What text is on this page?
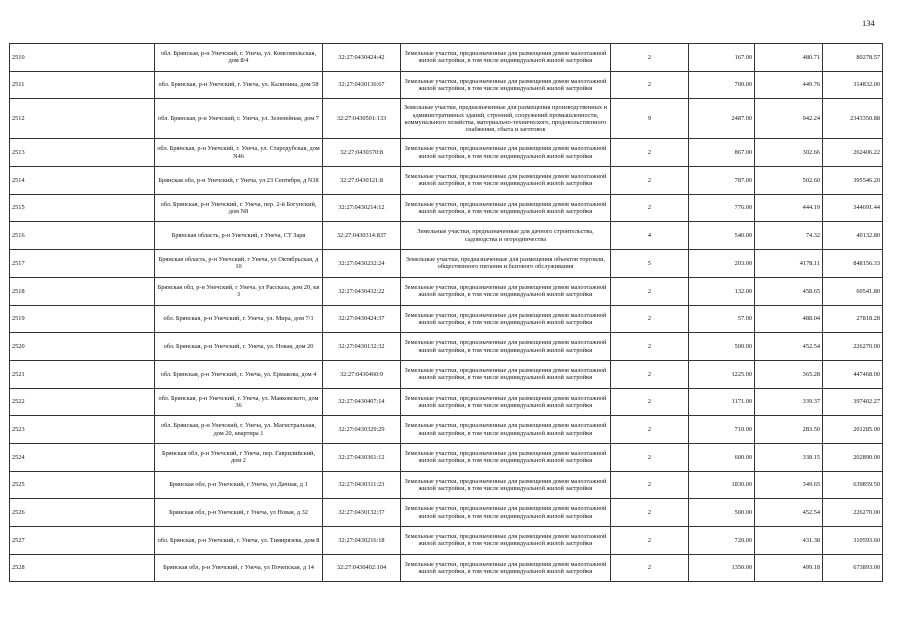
134
2510	обл. Брянская, р-н Унечский, г. Унеча, ул. Комсомольская, дом 8/4	32:27:0430424:42	Земельные участки, предназначенные для размещения домов малоэтажной жилой застройки, в том числе индивидуальной жилой застройки	2	167.00	480.71	80278.57
2511	обл. Брянская, р-н Унечский, г. Унеча, ул. Калинина, дом 58	32:27:0430136:67	Земельные участки, предназначенные для размещения домов малоэтажной жилой застройки, в том числе индивидуальной жилой застройки	2	700.00	449.76	314832.00
2512	обл. Брянская, р-н Унечский, г. Унеча, ул. Зеленейная, дом 7	32:27:0430501:133	Земельные участки, предназначенные для размещения производственных и административных зданий, строений, сооружений промышленности, коммунального хозяйства, материально-технического, продовольственного снабжения, сбыта и заготовок	9	2487.00	942.24	2343350.88
2513	обл. Брянская, р-н Унечский, г. Унеча, ул. Стародубская, дом N46	32:27:0430370:8	Земельные участки, предназначенные для размещения домов малоэтажной жилой застройки, в том числе индивидуальной жилой застройки	2	867.00	302.66	262406.22
2514	Брянская обл, р-н Унечский, г Унеча, ул 23 Сентября, д N38	32:27:0430121:8	Земельные участки, предназначенные для размещения домов малоэтажной жилой застройки, в том числе индивидуальной жилой застройки	2	787.00	502.60	395546.20
2515	обл. Брянская, р-н Унечский, г. Унеча, пер. 2-й Богунский, дом N8	32:27:0430214:12	Земельные участки, предназначенные для размещения домов малоэтажной жилой застройки, в том числе индивидуальной жилой застройки	2	776.00	444.19	344691.44
2516	Брянская область, р-н Унечский, г Унеча, СТ Заря	32:27:0430314:837	Земельные участки, предназначенные для дачного строительства, садоводства и огородничества	4	540.00	74.32	40132.80
2517	Брянская область, р-н Унечский, г Унеча, ул Октябрьская, д 10	32:27:0430232:24	Земельные участки, предназначенные для размещения объектов торговли, общественного питания и бытового обслуживания	5	203.00	4178.11	848156.33
2518	Брянская обл, р-н Унечский, г Унеча, ул Рассказа, дом 20, кв 3	32:27:0430432:22	Земельные участки, предназначенные для размещения домов малоэтажной жилой застройки, в том числе индивидуальной жилой застройки	2	132.00	458.65	60541.80
2519	обл. Брянская, р-н Унечский, г. Унеча, ул. Мира, дом 7/1	32:27:0430424:37	Земельные участки, предназначенные для размещения домов малоэтажной жилой застройки, в том числе индивидуальной жилой застройки	2	57.00	488.04	27818.28
2520	обл. Брянская, р-н Унечский, г. Унеча, ул. Новая, дом 20	32:27:0430132:32	Земельные участки, предназначенные для размещения домов малоэтажной жилой застройки, в том числе индивидуальной жилой застройки	2	500.00	452.54	226270.00
2521	обл. Брянская, р-н Унечский, г. Унеча, ул. Ермакова, дом 4	32:27:0430460:9	Земельные участки, предназначенные для размещения домов малоэтажной жилой застройки, в том числе индивидуальной жилой застройки	2	1225.00	365.28	447468.00
2522	обл. Брянская, р-н Унечский, г. Унеча, ул. Маяковского, дом 36	32:27:0430407:14	Земельные участки, предназначенные для размещения домов малоэтажной жилой застройки, в том числе индивидуальной жилой застройки	2	1171.00	339.37	397402.27
2523	обл. Брянская, р-н Унечский, г. Унеча, ул. Магистральная, дом 20, квартира 1	32:27:0430329:29	Земельные участки, предназначенные для размещения домов малоэтажной жилой застройки, в том числе индивидуальной жилой застройки	2	710.00	283.50	201285.00
2524	Брянская обл, р-н Унечский, г Унеча, пер. Гаврилийский, дом 2	32:27:0430361:12	Земельные участки, предназначенные для размещения домов малоэтажной жилой застройки, в том числе индивидуальной жилой застройки	2	600.00	338.15	202890.00
2525	Брянская обл, р-н Унечский, г Унеча, ул Дачная, д 1	32:27:0430311:23	Земельные участки, предназначенные для размещения домов малоэтажной жилой застройки, в том числе индивидуальной жилой застройки	2	1830.00	349.65	639859.50
2526	Брянская обл, р-н Унечский, г Унеча, ул Новая, д 32	32:27:0430132:37	Земельные участки, предназначенные для размещения домов малоэтажной жилой застройки, в том числе индивидуальной жилой застройки	2	500.00	452.54	226270.00
2527	обл. Брянская, р-н Унечский, г. Унеча, ул. Тимирязева, дом 8	32:27:0430216:18	Земельные участки, предназначенные для размещения домов малоэтажной жилой застройки, в том числе индивидуальной жилой застройки	2	720.00	431.38	310593.60
2528	Брянская обл, р-н Унечский, г Унеча, ул Почепская, д 14	32:27:0430402:104	Земельные участки, предназначенные для размещения домов малоэтажной жилой застройки, в том числе индивидуальной жилой застройки	2	1350.00	499.18	673893.00
